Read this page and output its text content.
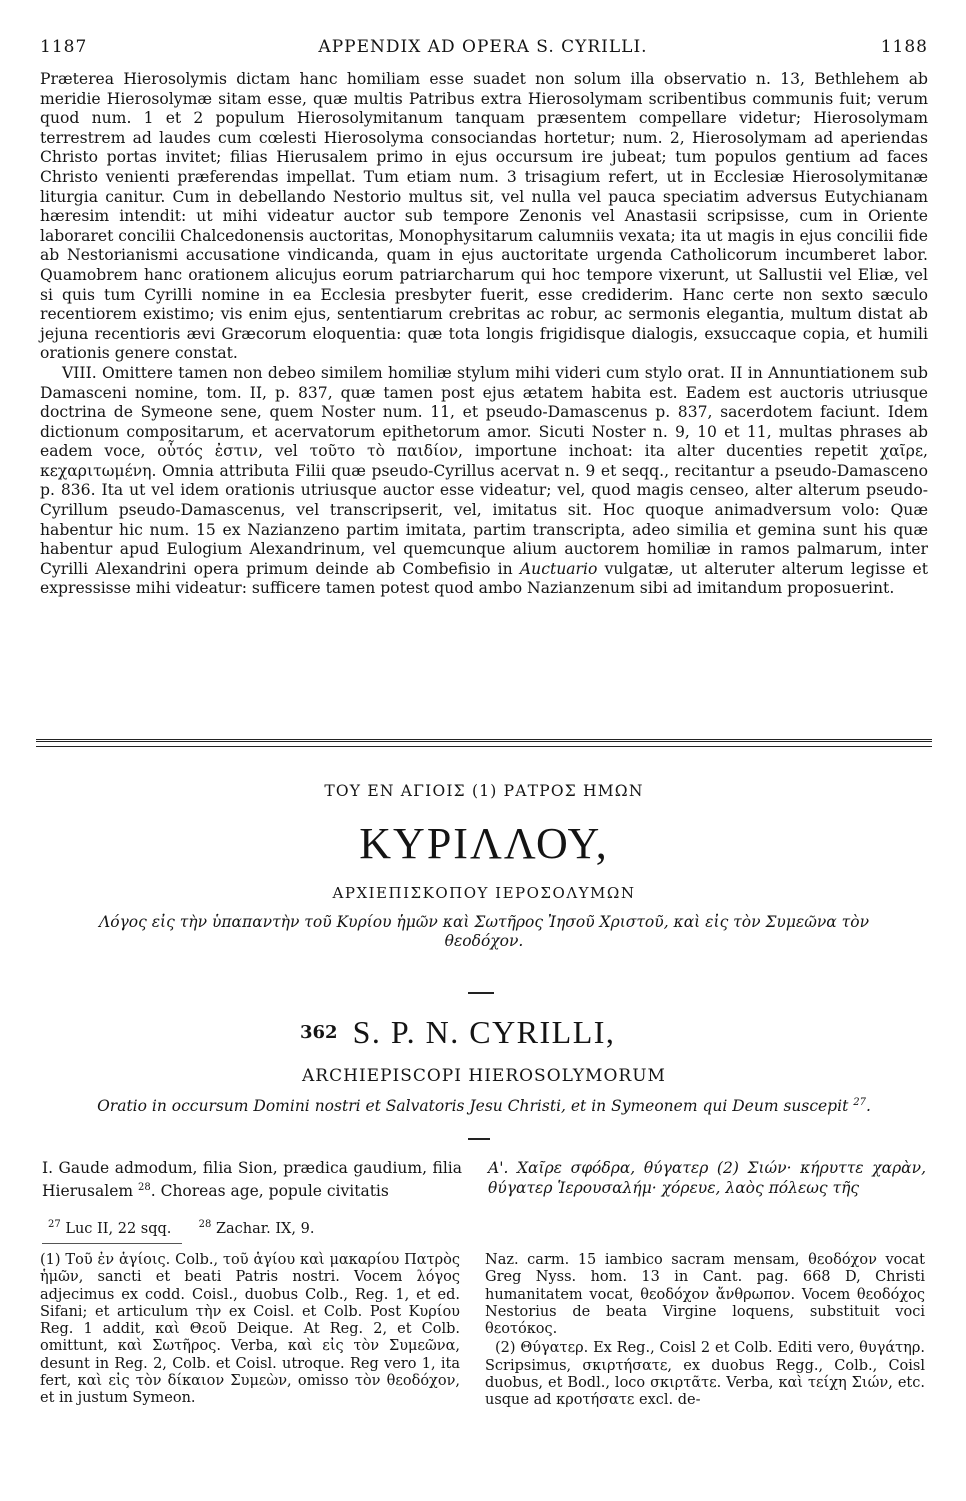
1187	APPENDIX AD OPERA S. CYRILLI.	1188

Præterea Hierosolymis dictam hanc homiliam esse suadet non solum illa observatio n. 13, Bethlehem ab meridie Hierosolymæ sitam esse, quæ multis Patribus extra Hierosolymam scribentibus communis fuit; verum quod num. 1 et 2 populum Hierosolymitanum tanquam præsentem compellare videtur; Hierosolymam terrestrem ad laudes cum cœlesti Hierosolyma consociandas hortetur; num. 2, Hierosolymam ad aperiendas Christo portas invitet; filias Hierusalem primo in ejus occursum ire jubeat; tum populos gentium ad faces Christo venienti præferendas impellat. Tum etiam num. 3 trisagium refert, ut in Ecclesiæ Hierosolymitanæ liturgia canitur. Cum in debellando Nestorio multus sit, vel nulla vel pauca speciatim adversus Eutychianam hæresim intendit: ut mihi videatur auctor sub tempore Zenonis vel Anastasii scripsisse, cum in Oriente laboraret concilii Chalcedonensis auctoritas, Monophysitarum calumniis vexata; ita ut magis in ejus concilii fide ab Nestorianismi accusatione vindicanda, quam in ejus auctoritate urgenda Catholicorum incumberet labor. Quamobrem hanc orationem alicujus eorum patriarcharum qui hoc tempore vixerunt, ut Sallustii vel Eliæ, vel si quis tum Cyrilli nomine in ea Ecclesia presbyter fuerit, esse crediderim. Hanc certe non sexto sæculo recentiorem existimo; vis enim ejus, sententiarum crebritas ac robur, ac sermonis elegantia, multum distat ab jejuna recentioris ævi Græcorum eloquentia: quæ tota longis frigidisque dialogis, exsuccaque copia, et humili orationis genere constat.

VIII. Omittere tamen non debeo similem homiliæ stylum mihi videri cum stylo orat. II in Annuntiationem sub Damasceni nomine, tom. II, p. 837, quæ tamen post ejus ætatem habita est. Eadem est auctoris utriusque doctrina de Symeone sene, quem Noster num. 11, et pseudo-Damascenus p. 837, sacerdotem faciunt. Idem dictionum compositarum, et acervatorum epithetorum amor. Sicuti Noster n. 9, 10 et 11, multas phrases ab eadem voce, οὗτός ἐστιν, vel τοῦτο τὸ παιδίον, importune inchoat: ita alter ducenties repetit χαῖρε, κεχαριτωμένη. Omnia attributa Filii quæ pseudo-Cyrillus acervat n. 9 et seqq., recitantur a pseudo-Damasceno p. 836. Ita ut vel idem orationis utriusque auctor esse videatur; vel, quod magis censeo, alter alterum pseudo-Cyrillum pseudo-Damascenus, vel transcripserit, vel, imitatus sit. Hoc quoque animadversum volo: Quæ habentur hic num. 15 ex Nazianzeno partim imitata, partim transcripta, adeo similia et gemina sunt his quæ habentur apud Eulogium Alexandrinum, vel quemcunque alium auctorem homiliæ in ramos palmarum, inter Cyrilli Alexandrini opera primum deinde ab Combefisio in Auctuario vulgatæ, ut alteruter alterum legisse et expressisse mihi videatur: sufficere tamen potest quod ambo Nazianzenum sibi ad imitandum proposuerint.

ΤΟΥ ΕΝ ΑΓΙΟΙΣ (1) ΡΑΤΡΟΣ ΗΜΩΝ
ΚΥΡΙΛΛΟΥ,
ΑΡΧΙΕΠΙΣΚΟΠΟΥ ΙΕΡΟΣΟΛΥΜΩΝ
Λόγος εἰς τὴν ὑπαπαντὴν τοῦ Κυρίου ἡμῶν καὶ Σωτῆρος Ἰησοῦ Χριστοῦ, καὶ εἰς τὸν Συμεῶνα τὸν θεοδόχον.
362 S. P. N. CYRILLI,
ARCHIEPISCOPI HIEROSOLYMORUM
Oratio in occursum Domini nostri et Salvatoris Jesu Christi, et in Symeonem qui Deum suscepit $^{27}$.
I. Gaude admodum, filia Sion, prædica gaudium, filia Hierusalem $^{28}$. Choreas age, popule civitatis
Α'. Χαῖρε σφόδρα, θύγατερ (2) Σιών· κήρυττε χαρὰν, θύγατερ Ἱερουσαλήμ· χόρευε, λαὸς πόλεως τῆς
$^{27}$ Luc II, 22 sqq.	$^{28}$ Zachar. IX, 9.

(1) Τοῦ ἐν ἁγίοις. Colb., τοῦ ἁγίου καὶ μακαρίου Πατρὸς ἡμῶν, sancti et beati Patris nostri. Vocem λόγος adjecimus ex codd. Coisl., duobus Colb., Reg. 1, et ed. Sifani; et articulum τὴν ex Coisl. et Colb. Post Κυρίου Reg. 1 addit, καὶ Θεοῦ Deique. At Reg. 2, et Colb. omittunt, καὶ Σωτῆρος. Verba, καὶ εἰς τὸν Συμεῶνα, desunt in Reg. 2, Colb. et Coisl. utroque. Reg vero 1, ita fert, καὶ εἰς τὸν δίκαιον Συμεὼν, omisso τὸν θεοδόχον, et in justum Symeon.

Naz. carm. 15 iambico sacram mensam, θεοδόχον vocat Greg Nyss. hom. 13 in Cant. pag. 668 D, Christi humanitatem vocat, θεοδόχον ἄνθρωπον. Vocem θεοδόχος Nestorius de beata Virgine loquens, substituit voci θεοτόκος.

(2) Θύγατερ. Ex Reg., Coisl 2 et Colb. Editi vero, θυγάτηρ. Scripsimus, σκιρτήσατε, ex duobus Regg., Colb., Coisl duobus, et Bodl., loco σκιρτᾶτε. Verba, καὶ τείχη Σιών, etc. usque ad κροτήσατε excl. de-
